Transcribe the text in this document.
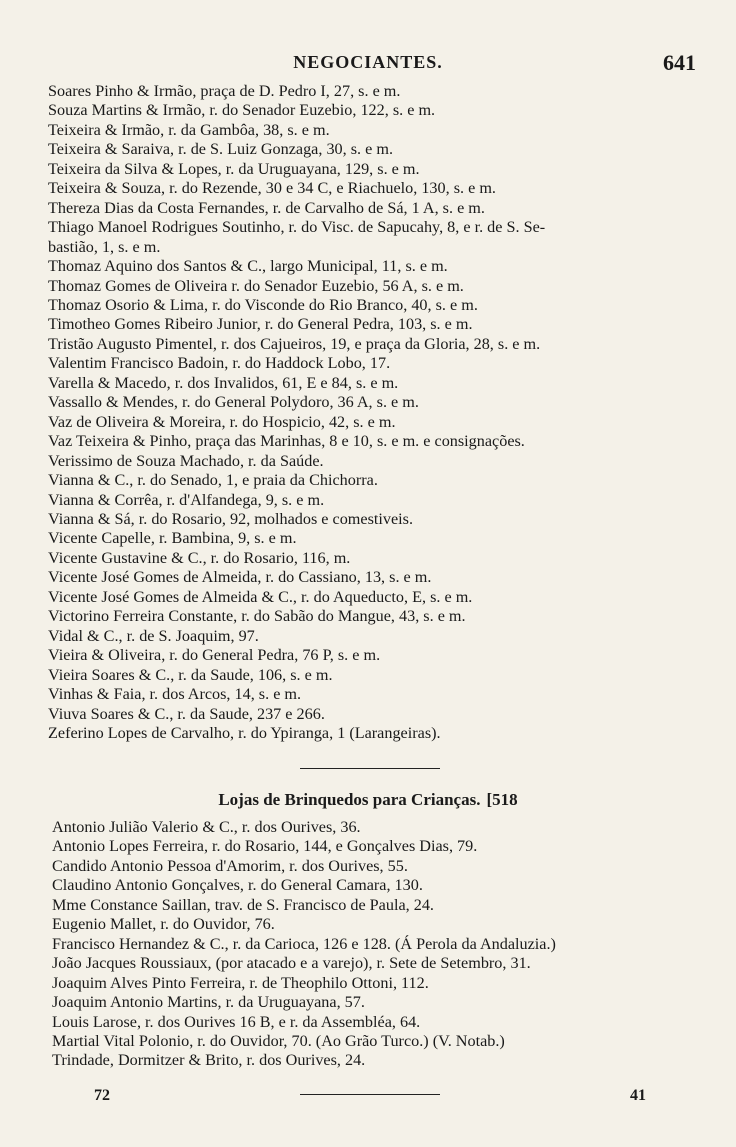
NEGOCIANTES.	641
Soares Pinho & Irmão, praça de D. Pedro I, 27, s. e m.
Souza Martins & Irmão, r. do Senador Euzebio, 122, s. e m.
Teixeira & Irmão, r. da Gambôa, 38, s. e m.
Teixeira & Saraiva, r. de S. Luiz Gonzaga, 30, s. e m.
Teixeira da Silva & Lopes, r. da Uruguayana, 129, s. e m.
Teixeira & Souza, r. do Rezende, 30 e 34 C, e Riachuelo, 130, s. e m.
Thereza Dias da Costa Fernandes, r. de Carvalho de Sá, 1 A, s. e m.
Thiago Manoel Rodrigues Soutinho, r. do Visc. de Sapucahy, 8, e r. de S. Se-
bastião, 1, s. e m.
Thomaz Aquino dos Santos & C., largo Municipal, 11, s. e m.
Thomaz Gomes de Oliveira r. do Senador Euzebio, 56 A, s. e m.
Thomaz Osorio & Lima, r. do Visconde do Rio Branco, 40, s. e m.
Timotheo Gomes Ribeiro Junior, r. do General Pedra, 103, s. e m.
Tristão Augusto Pimentel, r. dos Cajueiros, 19, e praça da Gloria, 28, s. e m.
Valentim Francisco Badoin, r. do Haddock Lobo, 17.
Varella & Macedo, r. dos Invalidos, 61, E e 84, s. e m.
Vassallo & Mendes, r. do General Polydoro, 36 A, s. e m.
Vaz de Oliveira & Moreira, r. do Hospicio, 42, s. e m.
Vaz Teixeira & Pinho, praça das Marinhas, 8 e 10, s. e m. e consignações.
Verissimo de Souza Machado, r. da Saúde.
Vianna & C., r. do Senado, 1, e praia da Chichorra.
Vianna & Corrêa, r. d'Alfandega, 9, s. e m.
Vianna & Sá, r. do Rosario, 92, molhados e comestiveis.
Vicente Capelle, r. Bambina, 9, s. e m.
Vicente Gustavine & C., r. do Rosario, 116, m.
Vicente José Gomes de Almeida, r. do Cassiano, 13, s. e m.
Vicente José Gomes de Almeida & C., r. do Aqueducto, E, s. e m.
Victorino Ferreira Constante, r. do Sabão do Mangue, 43, s. e m.
Vidal & C., r. de S. Joaquim, 97.
Vieira & Oliveira, r. do General Pedra, 76 P, s. e m.
Vieira Soares & C., r. da Saude, 106, s. e m.
Vinhas & Faia, r. dos Arcos, 14, s. e m.
Viuva Soares & C., r. da Saude, 237 e 266.
Zeferino Lopes de Carvalho, r. do Ypiranga, 1 (Larangeiras).
Lojas de Brinquedos para Crianças. [518
Antonio Julião Valerio & C., r. dos Ourives, 36.
Antonio Lopes Ferreira, r. do Rosario, 144, e Gonçalves Dias, 79.
Candido Antonio Pessoa d'Amorim, r. dos Ourives, 55.
Claudino Antonio Gonçalves, r. do General Camara, 130.
Mme Constance Saillan, trav. de S. Francisco de Paula, 24.
Eugenio Mallet, r. do Ouvidor, 76.
Francisco Hernandez & C., r. da Carioca, 126 e 128. (Á Perola da Andaluzia.)
João Jacques Roussiaux, (por atacado e a varejo), r. Sete de Setembro, 31.
Joaquim Alves Pinto Ferreira, r. de Theophilo Ottoni, 112.
Joaquim Antonio Martins, r. da Uruguayana, 57.
Louis Larose, r. dos Ourives 16 B, e r. da Assembléa, 64.
Martial Vital Polonio, r. do Ouvidor, 70. (Ao Grão Turco.) (V. Notab.)
Trindade, Dormitzer & Brito, r. dos Ourives, 24.
72	41
